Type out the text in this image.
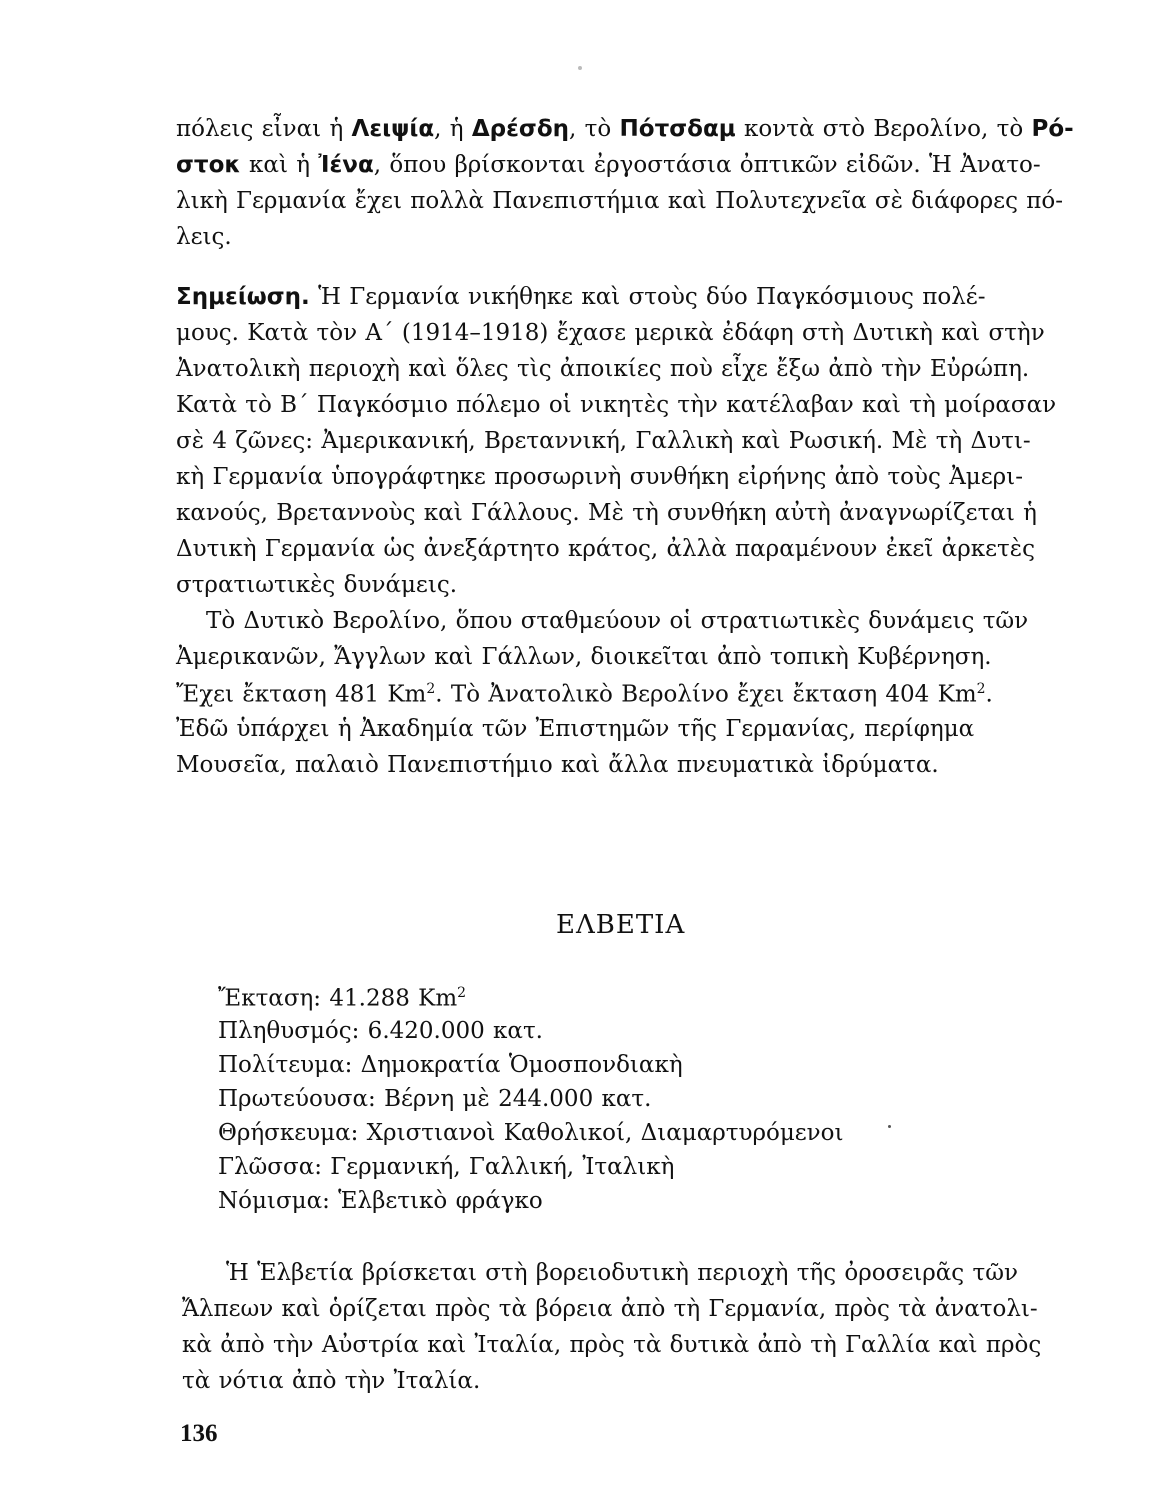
πόλεις εἶναι ἡ Λειψία, ἡ Δρέσδη, τὸ Πότσδαμ κοντὰ στὸ Βερολίνο, τὸ Ρό-
στοκ καὶ ἡ Ἰένα, ὅπου βρίσκονται ἐργοστάσια ὀπτικῶν εἰδῶν. Ἡ Ἀνατο-
λικὴ Γερμανία ἔχει πολλὰ Πανεπιστήμια καὶ Πολυτεχνεῖα σὲ διάφορες πό-
λεις.
Σημείωση. Ἡ Γερμανία νικήθηκε καὶ στοὺς δύο Παγκόσμιους πολέ-
μους. Κατὰ τὸν Α΄ (1914–1918) ἔχασε μερικὰ ἐδάφη στὴ Δυτικὴ καὶ στὴν
Ἀνατολικὴ περιοχὴ καὶ ὅλες τὶς ἀποικίες ποὺ εἶχε ἔξω ἀπὸ τὴν Εὐρώπη.
Κατὰ τὸ Β΄ Παγκόσμιο πόλεμο οἱ νικητὲς τὴν κατέλαβαν καὶ τὴ μοίρασαν
σὲ 4 ζῶνες: Ἀμερικανική, Βρεταννική, Γαλλικὴ καὶ Ρωσική. Μὲ τὴ Δυτι-
κὴ Γερμανία ὑπογράφτηκε προσωρινὴ συνθήκη εἰρήνης ἀπὸ τοὺς Ἀμερι-
κανούς, Βρεταννοὺς καὶ Γάλλους. Μὲ τὴ συνθήκη αὐτὴ ἀναγνωρίζεται ἡ
Δυτικὴ Γερμανία ὡς ἀνεξάρτητο κράτος, ἀλλὰ παραμένουν ἐκεῖ ἀρκετὲς
στρατιωτικὲς δυνάμεις.
Τὸ Δυτικὸ Βερολίνο, ὅπου σταθμεύουν οἱ στρατιωτικὲς δυνάμεις τῶν
Ἀμερικανῶν, Ἄγγλων καὶ Γάλλων, διοικεῖται ἀπὸ τοπικὴ Κυβέρνηση.
Ἔχει ἔκταση 481 Km$^2$. Τὸ Ἀνατολικὸ Βερολίνο ἔχει ἔκταση 404 Km$^2$.
Ἐδῶ ὑπάρχει ἡ Ἀκαδημία τῶν Ἐπιστημῶν τῆς Γερμανίας, περίφημα
Μουσεῖα, παλαιὸ Πανεπιστήμιο καὶ ἄλλα πνευματικὰ ἱδρύματα.
ΕΛΒΕΤΙΑ
Ἔκταση: 41.288 Km$^2$
Πληθυσμός: 6.420.000 κατ.
Πολίτευμα: Δημοκρατία Ὁμοσπονδιακὴ
Πρωτεύουσα: Βέρνη μὲ 244.000 κατ.
Θρήσκευμα: Χριστιανοὶ Καθολικοί, Διαμαρτυρόμενοι
Γλῶσσα: Γερμανική, Γαλλική, Ἰταλικὴ
Νόμισμα: Ἑλβετικὸ φράγκο
Ἡ Ἑλβετία βρίσκεται στὴ βορειοδυτικὴ περιοχὴ τῆς ὀροσειρᾶς τῶν
Ἄλπεων καὶ ὁρίζεται πρὸς τὰ βόρεια ἀπὸ τὴ Γερμανία, πρὸς τὰ ἀνατολι-
κὰ ἀπὸ τὴν Αὐστρία καὶ Ἰταλία, πρὸς τὰ δυτικὰ ἀπὸ τὴ Γαλλία καὶ πρὸς
τὰ νότια ἀπὸ τὴν Ἰταλία.
136
